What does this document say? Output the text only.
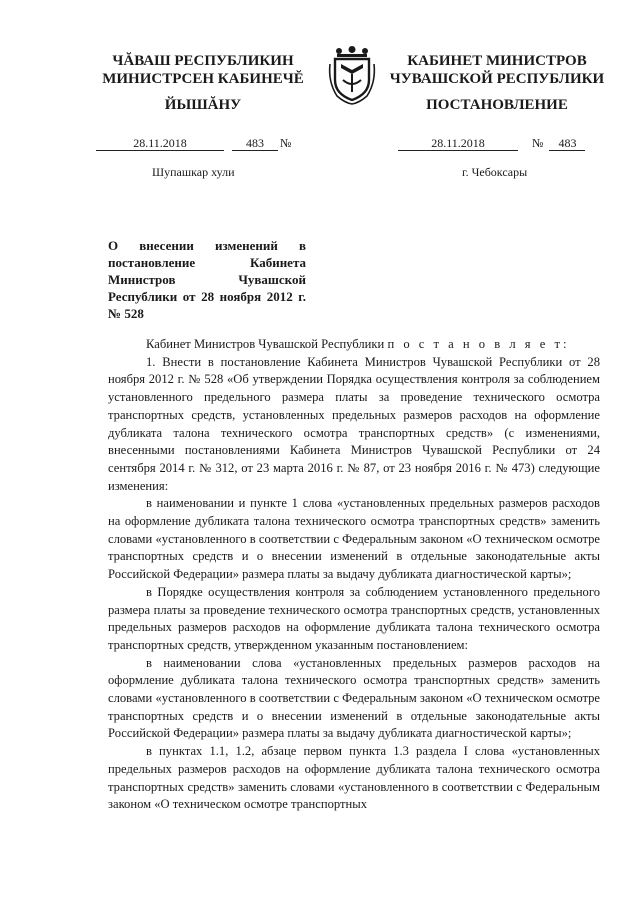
ЧĂВАШ РЕСПУБЛИКИН
МИНИСТРСЕН КАБИНЕЧĔ
ЙЫШĂНУ
КАБИНЕТ МИНИСТРОВ
ЧУВАШСКОЙ РЕСПУБЛИКИ
ПОСТАНОВЛЕНИЕ
28.11.2018	483	№	28.11.2018	№	483
Шупашкар хули	г. Чебоксары
О внесении изменений в постановление Кабинета Министров Чувашской Республики от 28 ноября 2012 г. № 528

Кабинет Министров Чувашской Республики п о с т а н о в л я е т:

1. Внести в постановление Кабинета Министров Чувашской Республики от 28 ноября 2012 г. № 528 «Об утверждении Порядка осуществления контроля за соблюдением установленного предельного размера платы за проведение технического осмотра транспортных средств, установленных предельных размеров расходов на оформление дубликата талона технического осмотра транспортных средств» (с изменениями, внесенными постановлениями Кабинета Министров Чувашской Республики от 24 сентября 2014 г. № 312, от 23 марта 2016 г. № 87, от 23 ноября 2016 г. № 473) следующие изменения:

в наименовании и пункте 1 слова «установленных предельных размеров расходов на оформление дубликата талона технического осмотра транспортных средств» заменить словами «установленного в соответствии с Федеральным законом «О техническом осмотре транспортных средств и о внесении изменений в отдельные законодательные акты Российской Федерации» размера платы за выдачу дубликата диагностической карты»;

в Порядке осуществления контроля за соблюдением установленного предельного размера платы за проведение технического осмотра транспортных средств, установленных предельных размеров расходов на оформление дубликата талона технического осмотра транспортных средств, утвержденном указанным постановлением:

в наименовании слова «установленных предельных размеров расходов на оформление дубликата талона технического осмотра транспортных средств» заменить словами «установленного в соответствии с Федеральным законом «О техническом осмотре транспортных средств и о внесении изменений в отдельные законодательные акты Российской Федерации» размера платы за выдачу дубликата диагностической карты»;

в пунктах 1.1, 1.2, абзаце первом пункта 1.3 раздела I слова «установленных предельных размеров расходов на оформление дубликата талона технического осмотра транспортных средств» заменить словами «установленного в соответствии с Федеральным законом «О техническом осмотре транспортных
